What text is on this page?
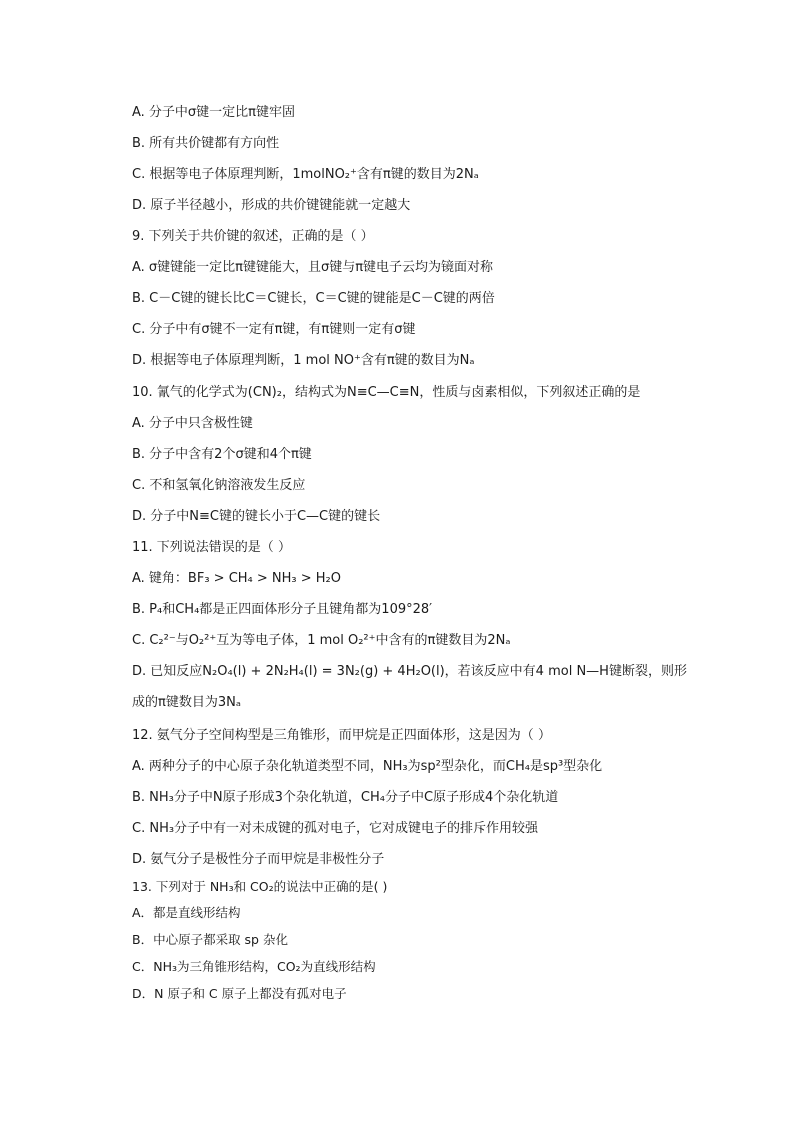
A. 分子中σ键一定比π键牢固
B. 所有共价键都有方向性
C. 根据等电子体原理判断，1molNO₂⁺含有π键的数目为2Nₐ
D. 原子半径越小，形成的共价键键能就一定越大
9. 下列关于共价键的叙述，正确的是（ ）
A. σ键键能一定比π键键能大，且σ键与π键电子云均为镜面对称
B. C－C键的键长比C＝C键长，C＝C键的键能是C－C键的两倍
C. 分子中有σ键不一定有π键，有π键则一定有σ键
D. 根据等电子体原理判断，1 mol NO⁺含有π键的数目为Nₐ
10. 氰气的化学式为(CN)₂，结构式为N≡C—C≡N，性质与卤素相似，下列叙述正确的是
A. 分子中只含极性键
B. 分子中含有2个σ键和4个π键
C. 不和氢氧化钠溶液发生反应
D. 分子中N≡C键的键长小于C—C键的键长
11. 下列说法错误的是（ ）
A. 键角：BF₃ > CH₄ > NH₃ > H₂O
B. P₄和CH₄都是正四面体形分子且键角都为109°28′
C. C₂²⁻与O₂²⁺互为等电子体，1 mol O₂²⁺中含有的π键数目为2Nₐ
D. 已知反应N₂O₄(l) + 2N₂H₄(l) = 3N₂(g) + 4H₂O(l)，若该反应中有4 mol N—H键断裂，则形
成的π键数目为3Nₐ
12. 氨气分子空间构型是三角锥形，而甲烷是正四面体形，这是因为（ ）
A. 两种分子的中心原子杂化轨道类型不同，NH₃为sp²型杂化，而CH₄是sp³型杂化
B. NH₃分子中N原子形成3个杂化轨道，CH₄分子中C原子形成4个杂化轨道
C. NH₃分子中有一对未成键的孤对电子，它对成键电子的排斥作用较强
D. 氨气分子是极性分子而甲烷是非极性分子
13. 下列对于 NH₃和 CO₂的说法中正确的是( )
A．都是直线形结构
B．中心原子都采取 sp 杂化
C．NH₃为三角锥形结构，CO₂为直线形结构
D．N 原子和 C 原子上都没有孤对电子
